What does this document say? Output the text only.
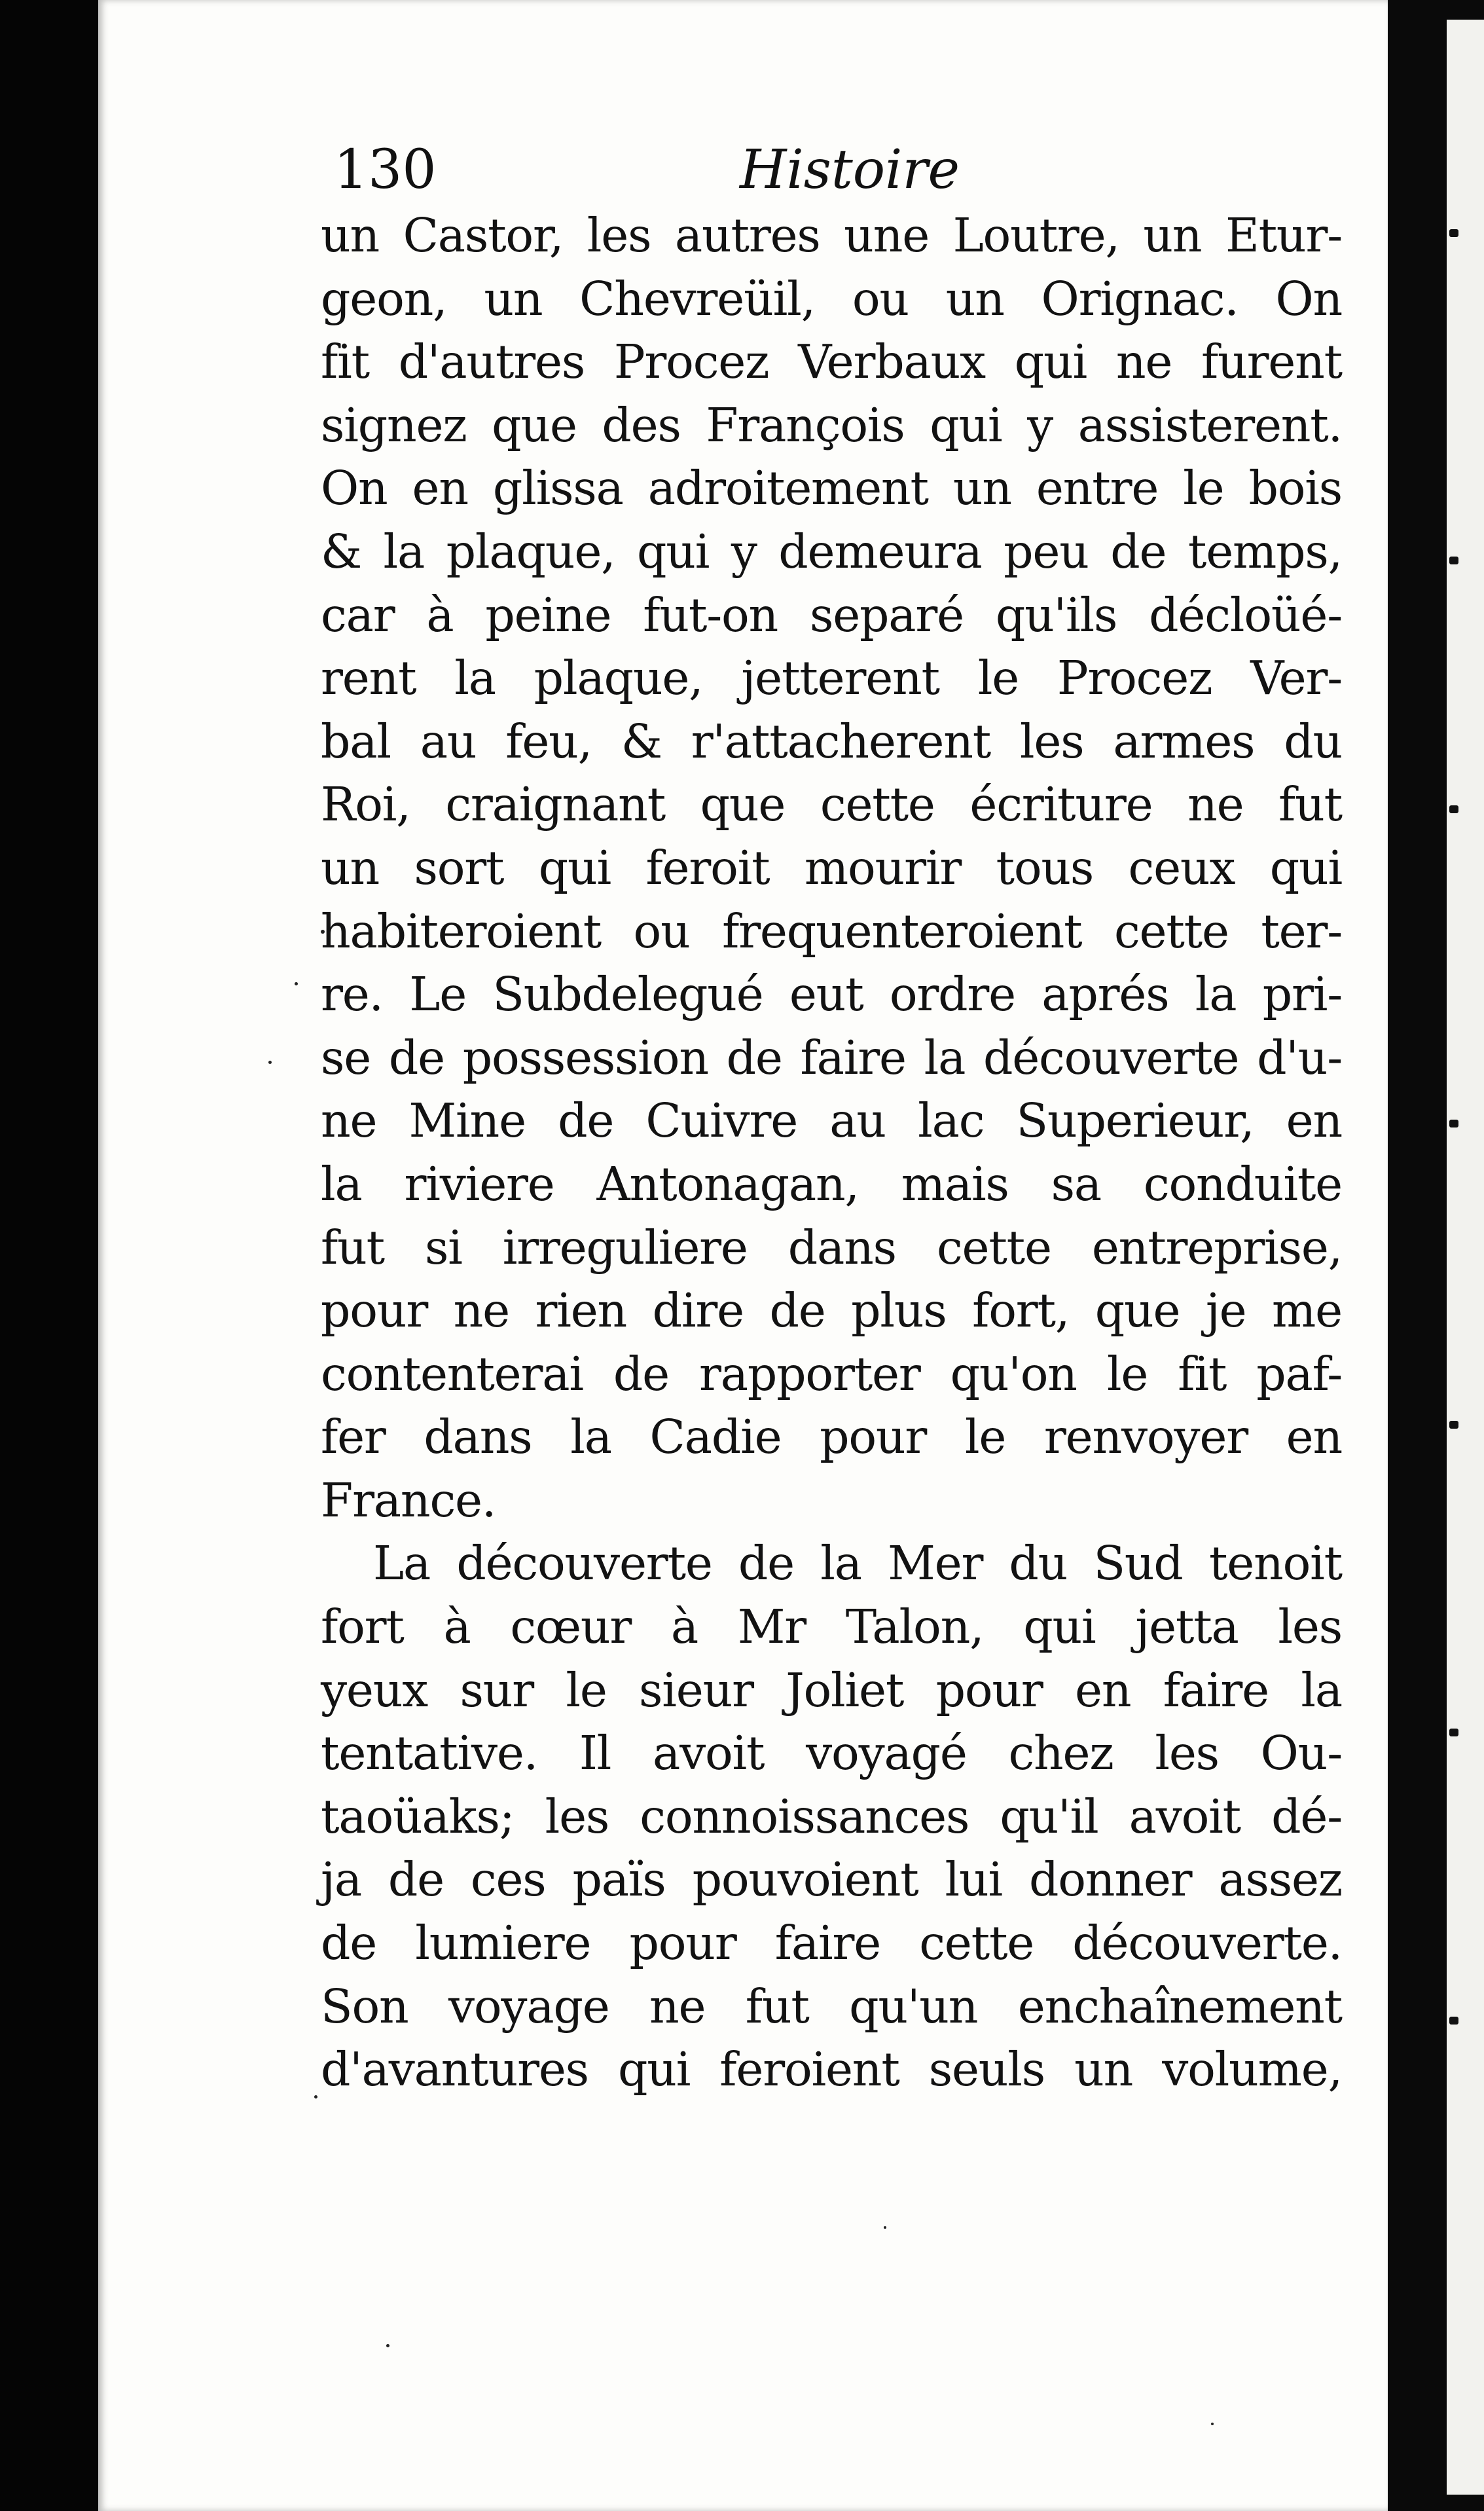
130	Histoire
un Castor, les autres une Loutre, un Etur-
geon, un Chevreüil, ou un Orignac. On
fit d'autres Procez Verbaux qui ne furent
signez que des François qui y assisterent.
On en glissa adroitement un entre le bois
& la plaque, qui y demeura peu de temps,
car à peine fut-on separé qu'ils décloüé-
rent la plaque, jetterent le Procez Ver-
bal au feu, & r'attacherent les armes du
Roi, craignant que cette écriture ne fut
un sort qui feroit mourir tous ceux qui
habiteroient ou frequenteroient cette ter-
re. Le Subdelegué eut ordre aprés la pri-
se de possession de faire la découverte d'u-
ne Mine de Cuivre au lac Superieur, en
la riviere Antonagan, mais sa conduite
fut si irreguliere dans cette entreprise,
pour ne rien dire de plus fort, que je me
contenterai de rapporter qu'on le fit paf-
fer dans la Cadie pour le renvoyer en
France.
La découverte de la Mer du Sud tenoit
fort à cœur à Mr Talon, qui jetta les
yeux sur le sieur Joliet pour en faire la
tentative. Il avoit voyagé chez les Ou-
taoüaks; les connoissances qu'il avoit dé-
ja de ces païs pouvoient lui donner assez
de lumiere pour faire cette découverte.
Son voyage ne fut qu'un enchaînement
d'avantures qui feroient seuls un volume,
